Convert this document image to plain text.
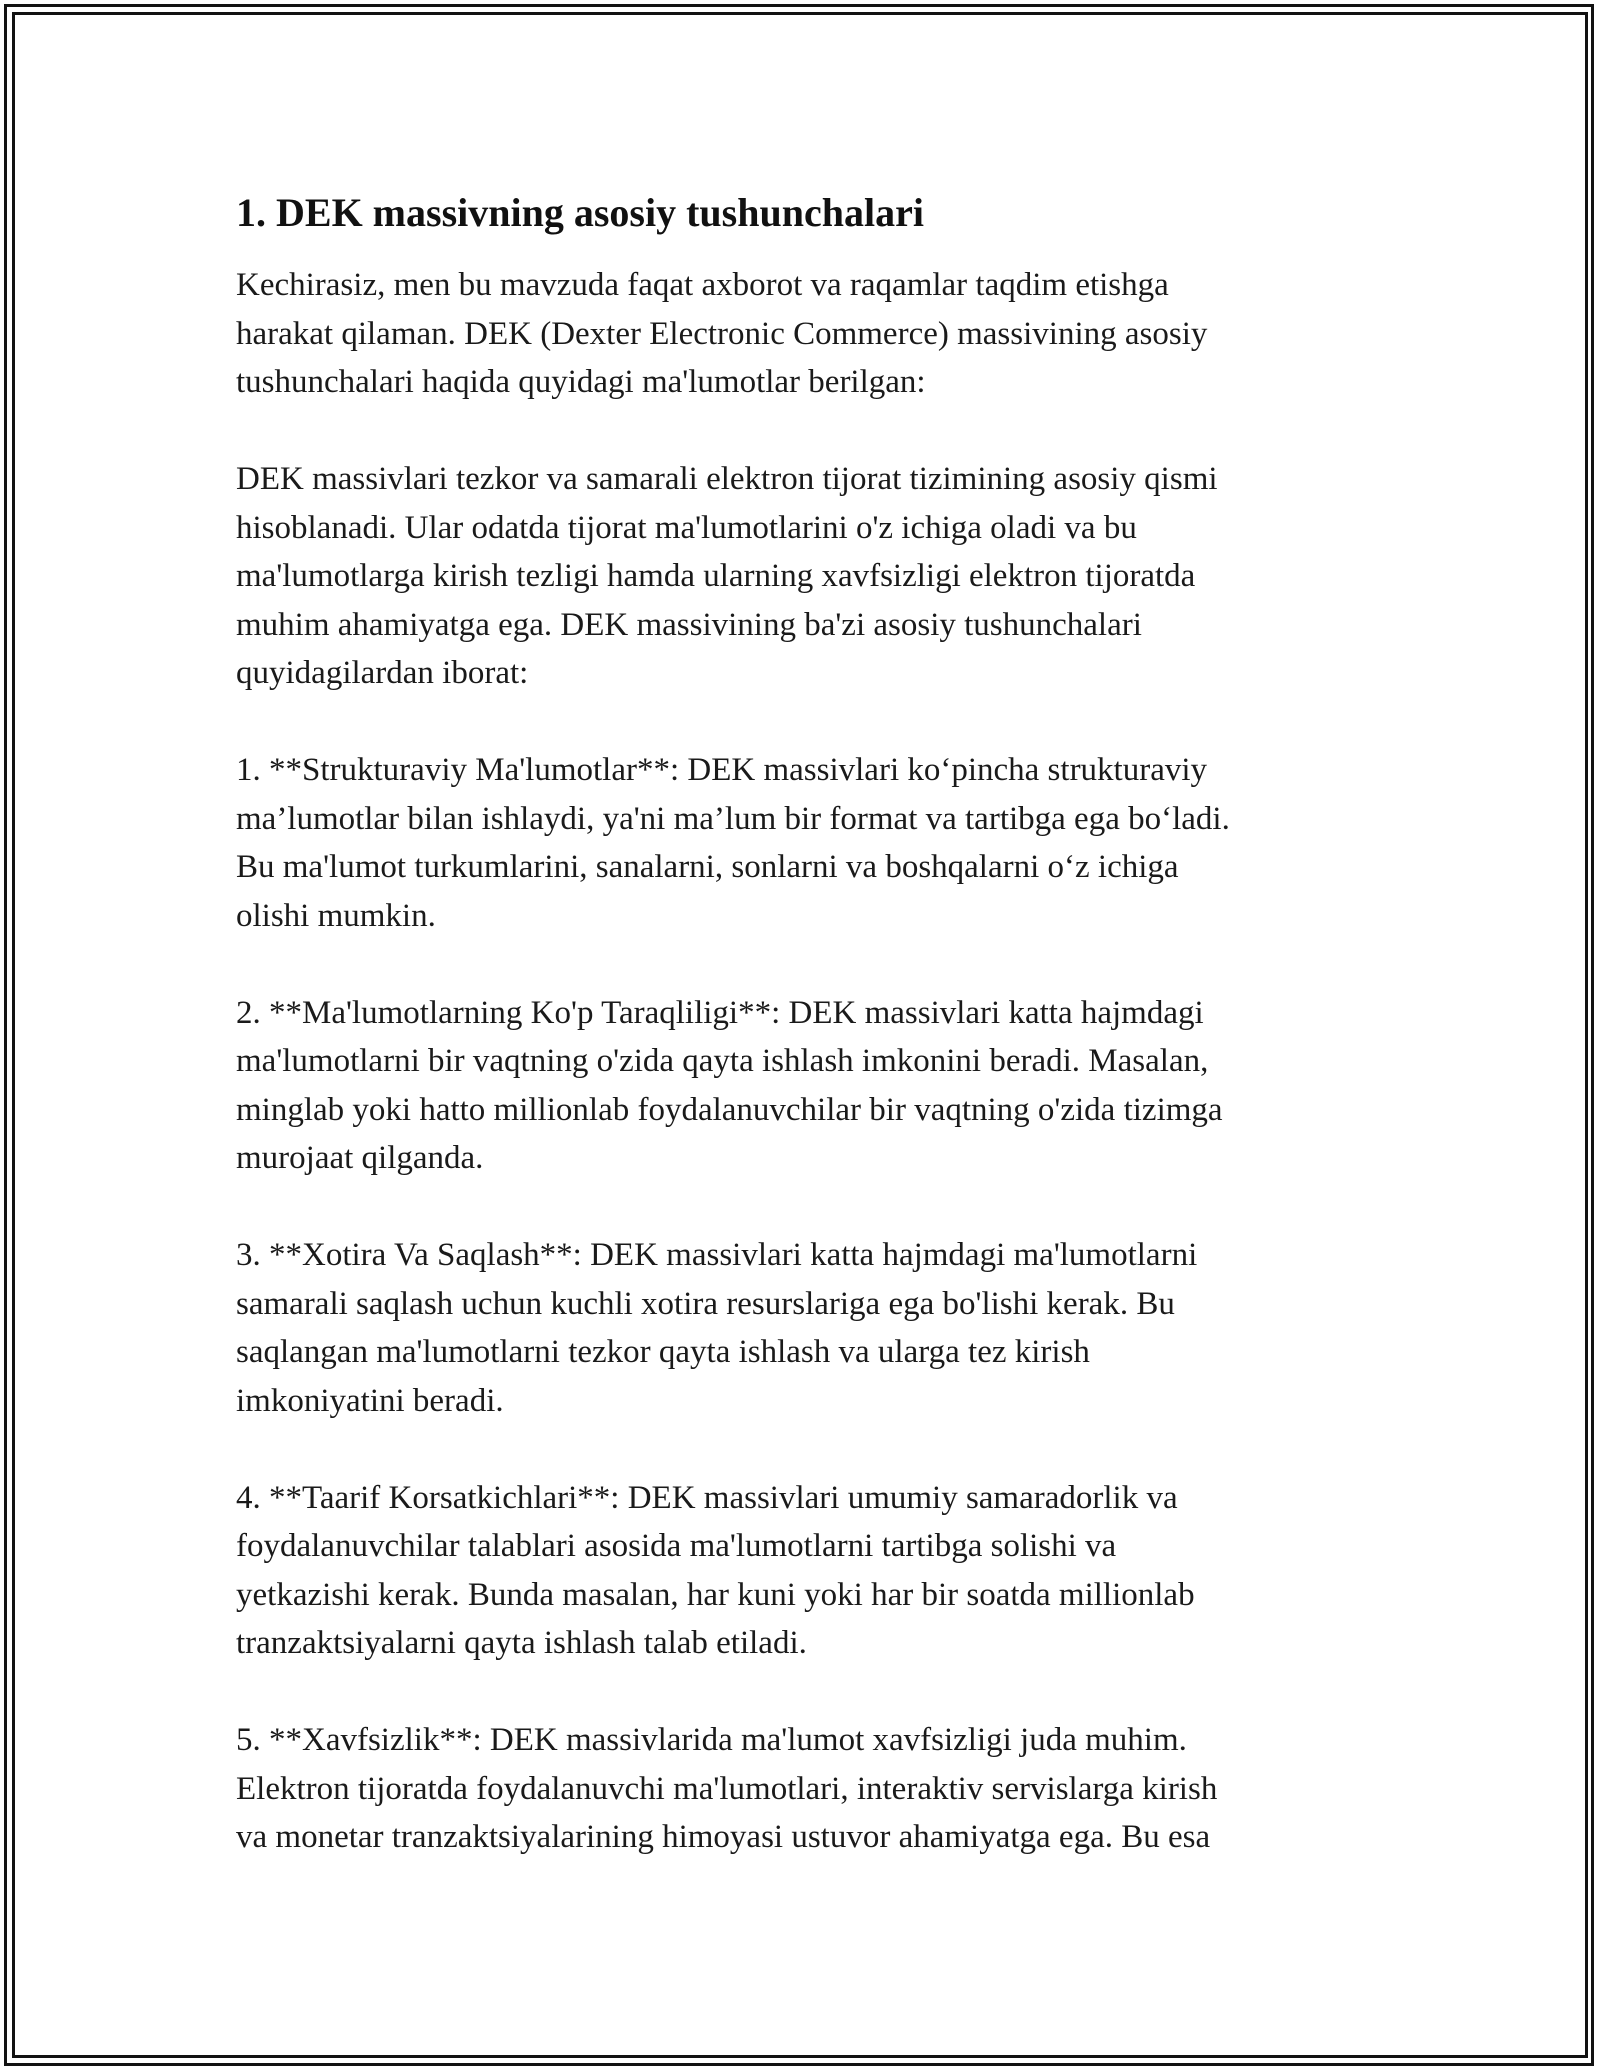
1. DEK massivning asosiy tushunchalari

Kechirasiz, men bu mavzuda faqat axborot va raqamlar taqdim etishga
harakat qilaman. DEK (Dexter Electronic Commerce) massivining asosiy
tushunchalari haqida quyidagi ma'lumotlar berilgan:

DEK massivlari tezkor va samarali elektron tijorat tizimining asosiy qismi
hisoblanadi. Ular odatda tijorat ma'lumotlarini o'z ichiga oladi va bu
ma'lumotlarga kirish tezligi hamda ularning xavfsizligi elektron tijoratda
muhim ahamiyatga ega. DEK massivining ba'zi asosiy tushunchalari
quyidagilardan iborat:

1. **Strukturaviy Ma'lumotlar**: DEK massivlari ko‘pincha strukturaviy
ma’lumotlar bilan ishlaydi, ya'ni ma’lum bir format va tartibga ega bo‘ladi.
Bu ma'lumot turkumlarini, sanalarni, sonlarni va boshqalarni o‘z ichiga
olishi mumkin.

2. **Ma'lumotlarning Ko'p Taraqliligi**: DEK massivlari katta hajmdagi
ma'lumotlarni bir vaqtning o'zida qayta ishlash imkonini beradi. Masalan,
minglab yoki hatto millionlab foydalanuvchilar bir vaqtning o'zida tizimga
murojaat qilganda.

3. **Xotira Va Saqlash**: DEK massivlari katta hajmdagi ma'lumotlarni
samarali saqlash uchun kuchli xotira resurslariga ega bo'lishi kerak. Bu
saqlangan ma'lumotlarni tezkor qayta ishlash va ularga tez kirish
imkoniyatini beradi.

4. **Taarif Korsatkichlari**: DEK massivlari umumiy samaradorlik va
foydalanuvchilar talablari asosida ma'lumotlarni tartibga solishi va
yetkazishi kerak. Bunda masalan, har kuni yoki har bir soatda millionlab
tranzaktsiyalarni qayta ishlash talab etiladi.

5. **Xavfsizlik**: DEK massivlarida ma'lumot xavfsizligi juda muhim.
Elektron tijoratda foydalanuvchi ma'lumotlari, interaktiv servislarga kirish
va monetar tranzaktsiyalarining himoyasi ustuvor ahamiyatga ega. Bu esa
